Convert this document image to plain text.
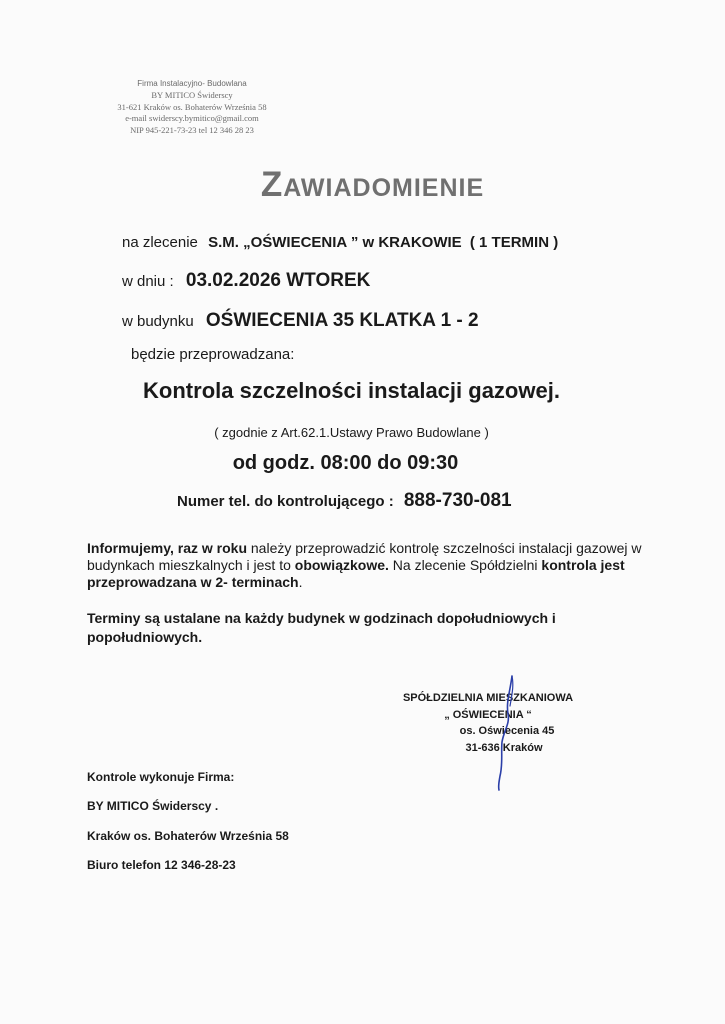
Firma Instalacyjno- Budowlana
BY MITICO Świderscy
31-621 Kraków os. Bohaterów Września 58
e-mail swiderscy.bymitico@gmail.com
NIP 945-221-73-23 tel 12 346 28 23
Zawiadomienie
na zlecenie S.M. „OŚWIECENIA ” w KRAKOWIE ( 1 TERMIN )
w dniu : 03.02.2026 WTOREK
w budynku OŚWIECENIA 35 KLATKA 1 - 2
będzie przeprowadzana:
Kontrola szczelności instalacji gazowej.
( zgodnie z Art.62.1.Ustawy Prawo Budowlane )
od godz. 08:00 do 09:30
Numer tel. do kontrolującego : 888-730-081
Informujemy, raz w roku należy przeprowadzić kontrolę szczelności instalacji gazowej w budynkach mieszkalnych i jest to obowiązkowe. Na zlecenie Spółdzielni kontrola jest przeprowadzana w 2- terminach.
Terminy są ustalane na każdy budynek w godzinach dopołudniowych i popołudniowych.
SPÓŁDZIELNIA MIESZKANIOWA
„ OŚWIECENIA “
os. Oświecenia 45
31-636 Kraków
Kontrole wykonuje Firma:
BY MITICO Świderscy .
Kraków os. Bohaterów Września 58
Biuro telefon 12 346-28-23
